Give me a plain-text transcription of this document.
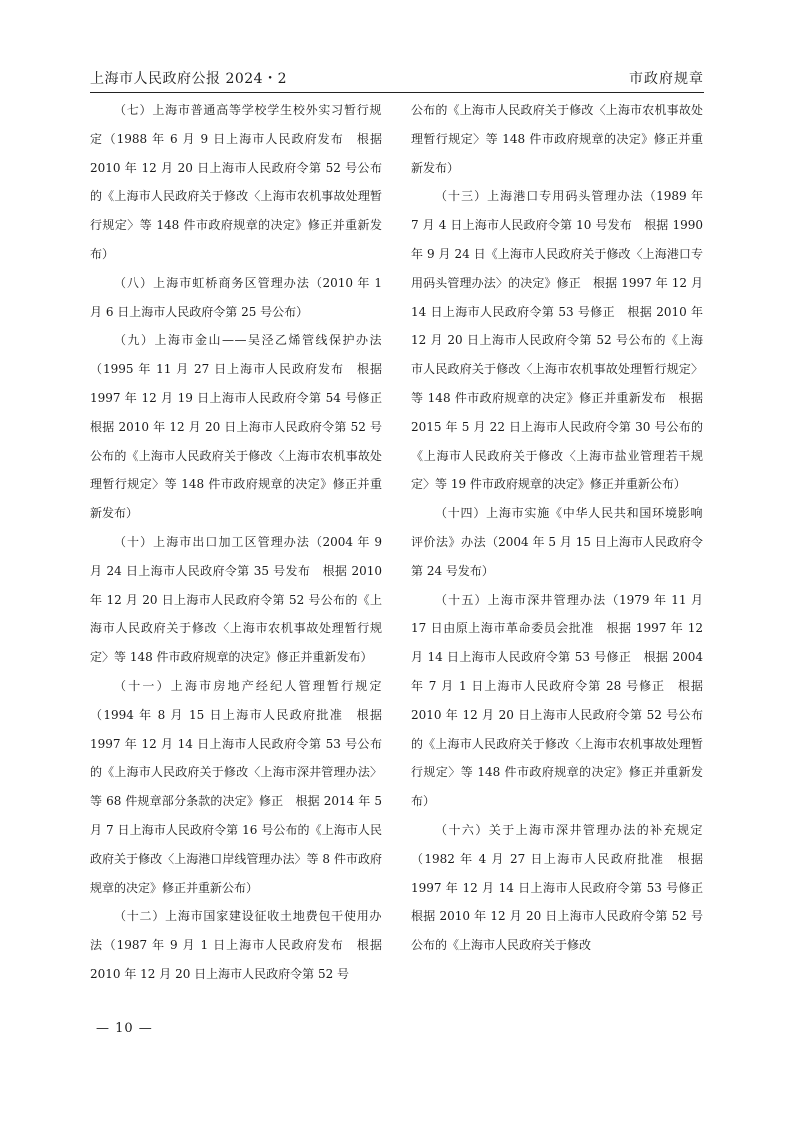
上海市人民政府公报 2024・2	市政府规章

（七）上海市普通高等学校学生校外实习暂行规定（1988 年 6 月 9 日上海市人民政府发布　根据 2010 年 12 月 20 日上海市人民政府令第 52 号公布的《上海市人民政府关于修改〈上海市农机事故处理暂行规定〉等 148 件市政府规章的决定》修正并重新发布）

（八）上海市虹桥商务区管理办法（2010 年 1 月 6 日上海市人民政府令第 25 号公布）

（九）上海市金山——吴泾乙烯管线保护办法（1995 年 11 月 27 日上海市人民政府发布　根据1997 年 12 月 19 日上海市人民政府令第 54 号修正　根据 2010 年 12 月 20 日上海市人民政府令第 52 号公布的《上海市人民政府关于修改〈上海市农机事故处理暂行规定〉等 148 件市政府规章的决定》修正并重新发布）

（十）上海市出口加工区管理办法（2004 年 9 月 24 日上海市人民政府令第 35 号发布　根据 2010 年 12 月 20 日上海市人民政府令第 52 号公布的《上海市人民政府关于修改〈上海市农机事故处理暂行规定〉等 148 件市政府规章的决定》修正并重新发布）

（十一）上海市房地产经纪人管理暂行规定（1994 年 8 月 15 日上海市人民政府批准　根据 1997 年 12 月 14 日上海市人民政府令第 53 号公布的《上海市人民政府关于修改〈上海市深井管理办法〉等 68 件规章部分条款的决定》修正　根据 2014 年 5 月 7 日上海市人民政府令第 16 号公布的《上海市人民政府关于修改〈上海港口岸线管理办法〉等 8 件市政府规章的决定》修正并重新公布）

（十二）上海市国家建设征收土地费包干使用办法（1987 年 9 月 1 日上海市人民政府发布　根据 2010 年 12 月 20 日上海市人民政府令第 52 号

公布的《上海市人民政府关于修改〈上海市农机事故处理暂行规定〉等 148 件市政府规章的决定》修正并重新发布）

（十三）上海港口专用码头管理办法（1989 年 7 月 4 日上海市人民政府令第 10 号发布　根据 1990 年 9 月 24 日《上海市人民政府关于修改〈上海港口专用码头管理办法〉的决定》修正　根据 1997 年 12 月 14 日上海市人民政府令第 53 号修正　根据 2010 年 12 月 20 日上海市人民政府令第 52 号公布的《上海市人民政府关于修改〈上海市农机事故处理暂行规定〉等 148 件市政府规章的决定》修正并重新发布　根据 2015 年 5 月 22 日上海市人民政府令第 30 号公布的《上海市人民政府关于修改〈上海市盐业管理若干规定〉等 19 件市政府规章的决定》修正并重新公布）

（十四）上海市实施《中华人民共和国环境影响评价法》办法（2004 年 5 月 15 日上海市人民政府令第 24 号发布）

（十五）上海市深井管理办法（1979 年 11 月 17 日由原上海市革命委员会批准　根据 1997 年 12 月 14 日上海市人民政府令第 53 号修正　根据 2004 年 7 月 1 日上海市人民政府令第 28 号修正　根据 2010 年 12 月 20 日上海市人民政府令第 52 号公布的《上海市人民政府关于修改〈上海市农机事故处理暂行规定〉等 148 件市政府规章的决定》修正并重新发布）

（十六）关于上海市深井管理办法的补充规定（1982 年 4 月 27 日上海市人民政府批准　根据 1997 年 12 月 14 日上海市人民政府令第 53 号修正　根据 2010 年 12 月 20 日上海市人民政府令第 52 号公布的《上海市人民政府关于修改

— 10 —
